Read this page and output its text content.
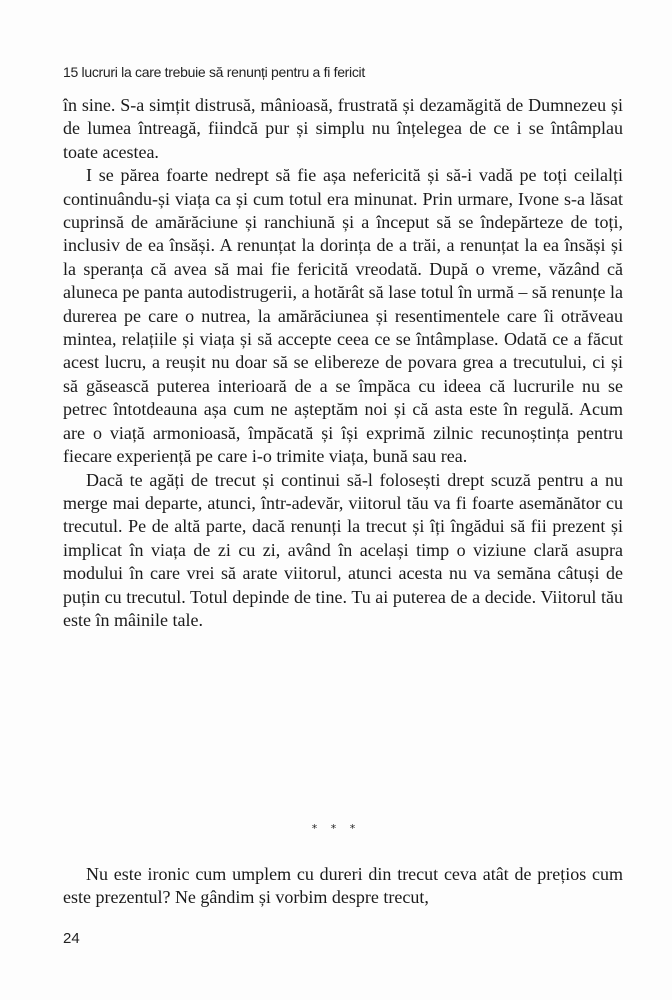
15 lucruri la care trebuie să renunți pentru a fi fericit

în sine. S-a simțit distrusă, mânioasă, frustrată și dezamăgită de Dumnezeu și de lumea întreagă, fiindcă pur și simplu nu înțelegea de ce i se întâmplau toate acestea.

I se părea foarte nedrept să fie așa nefericită și să-i vadă pe toți ceilalți continuându-și viața ca și cum totul era minunat. Prin urmare, Ivone s-a lăsat cuprinsă de amărăciune și ranchiună și a început să se îndepărteze de toți, inclusiv de ea însăși. A renunțat la dorința de a trăi, a renunțat la ea însăși și la speranța că avea să mai fie fericită vreodată. După o vreme, văzând că aluneca pe panta autodistrugerii, a hotărât să lase totul în urmă – să renunțe la durerea pe care o nutrea, la amărăciunea și resentimentele care îi otrăveau mintea, relațiile și viața și să accepte ceea ce se întâmplase. Odată ce a făcut acest lucru, a reușit nu doar să se elibereze de povara grea a trecutului, ci și să găsească puterea interioară de a se împăca cu ideea că lucrurile nu se petrec întotdeauna așa cum ne așteptăm noi și că asta este în regulă. Acum are o viață armonioasă, împăcată și își exprimă zilnic recunoștința pentru fiecare experiență pe care i-o trimite viața, bună sau rea.

Dacă te agăți de trecut și continui să-l folosești drept scuză pentru a nu merge mai departe, atunci, într-adevăr, viitorul tău va fi foarte asemănător cu trecutul. Pe de altă parte, dacă renunți la trecut și îți îngădui să fii prezent și implicat în viața de zi cu zi, având în același timp o viziune clară asupra modului în care vrei să arate viitorul, atunci acesta nu va semăna câtuși de puțin cu trecutul. Totul depinde de tine. Tu ai puterea de a decide. Viitorul tău este în mâinile tale.

* * *

Nu este ironic cum umplem cu dureri din trecut ceva atât de prețios cum este prezentul? Ne gândim și vorbim despre trecut,

24
